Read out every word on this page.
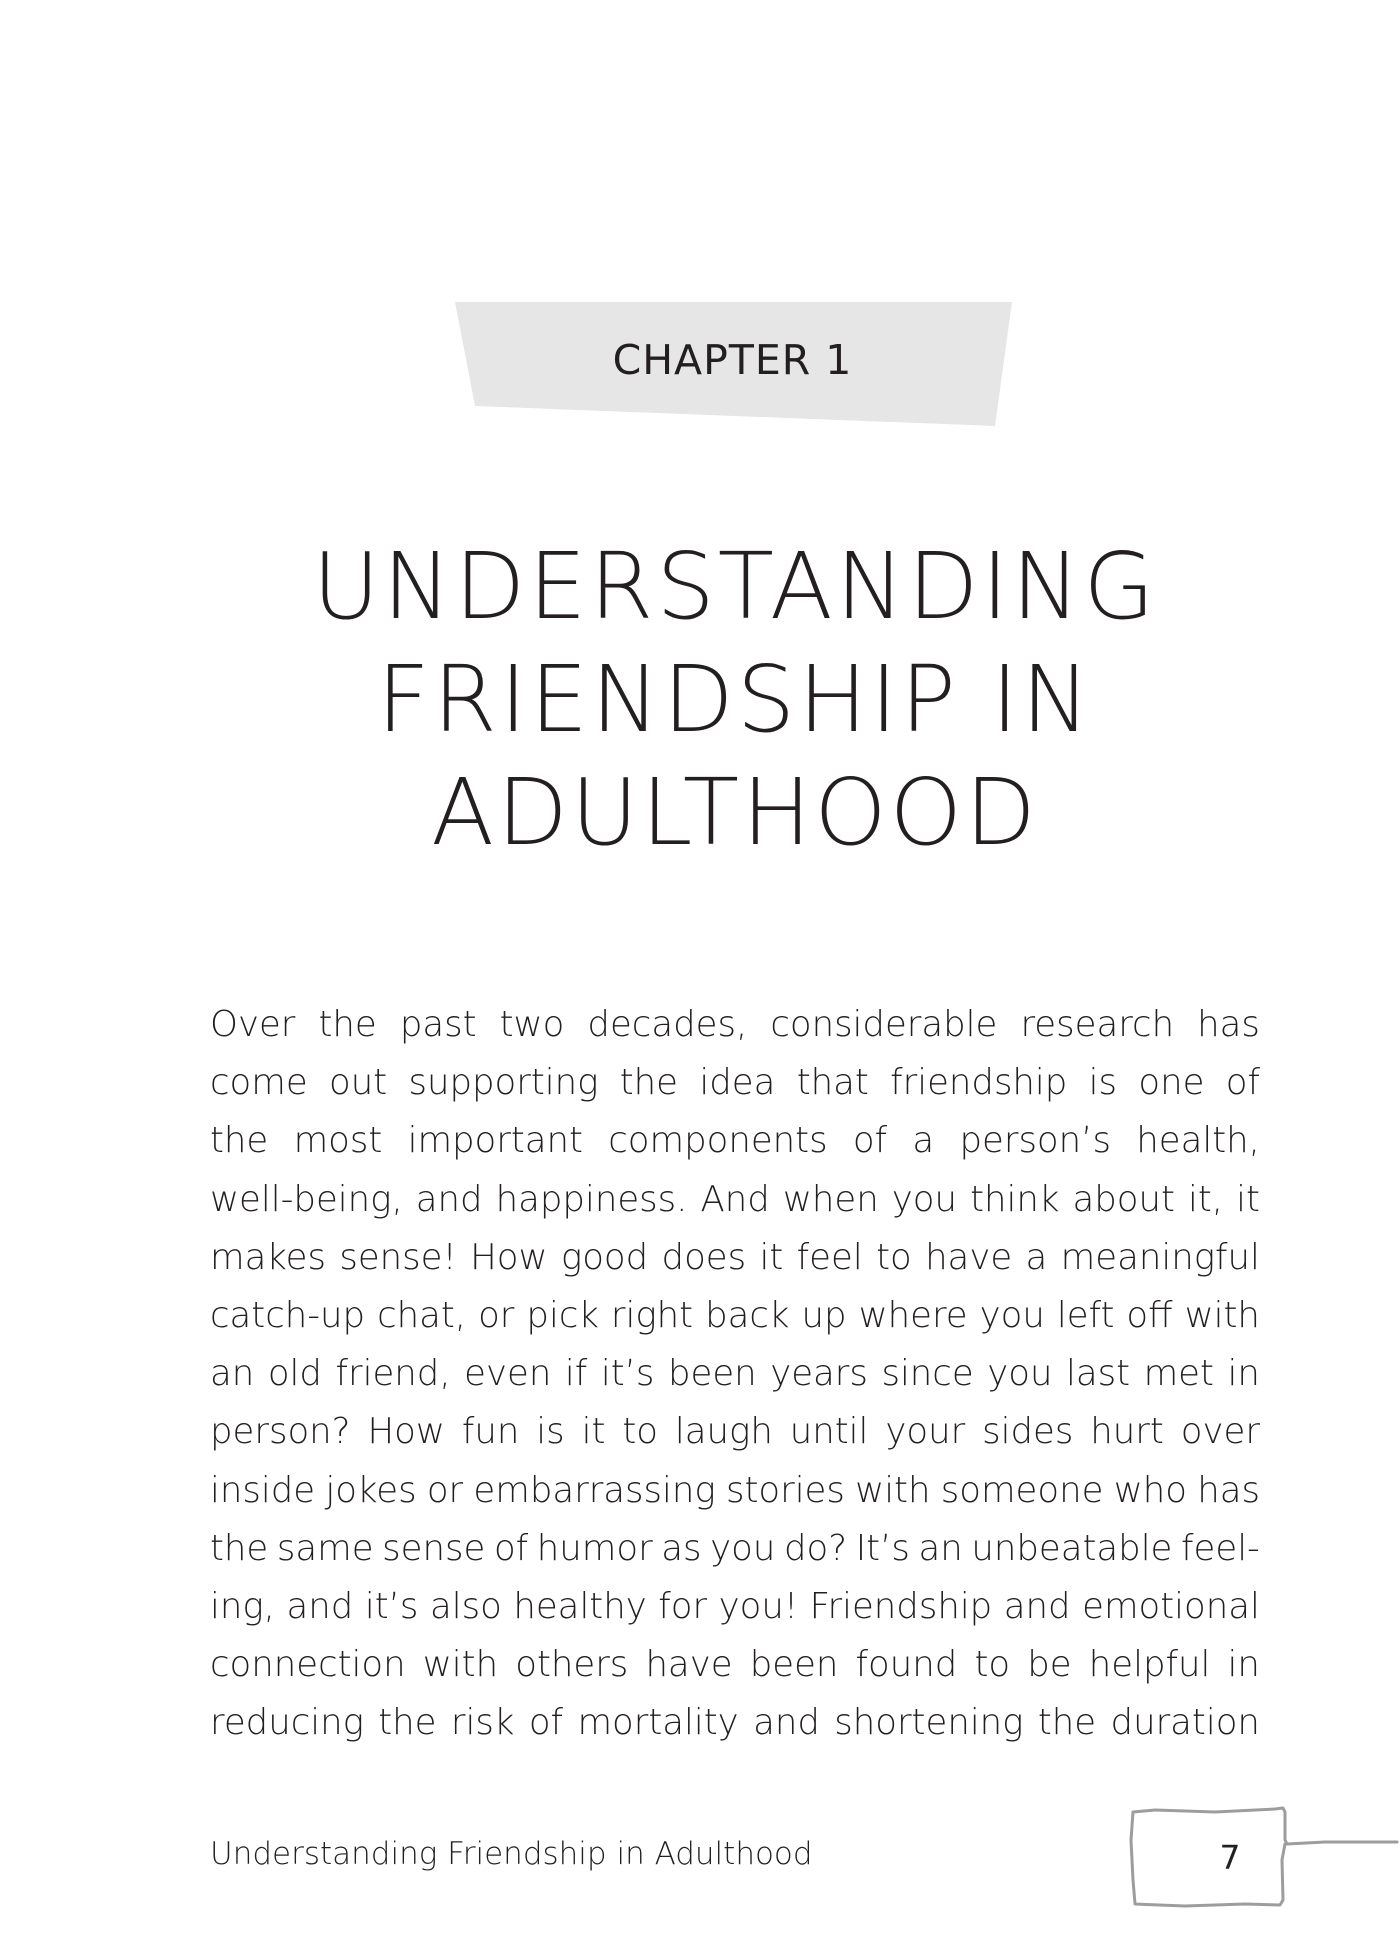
CHAPTER 1
UNDERSTANDING
FRIENDSHIP IN
ADULTHOOD
Over the past two decades, considerable research has
come out supporting the idea that friendship is one of
the most important components of a person’s health,
well-being, and happiness. And when you think about it, it
makes sense! How good does it feel to have a meaningful
catch-up chat, or pick right back up where you left off with
an old friend, even if it’s been years since you last met in
person? How fun is it to laugh until your sides hurt over
inside jokes or embarrassing stories with someone who has
the same sense of humor as you do? It’s an unbeatable feel-
ing, and it’s also healthy for you! Friendship and emotional
connection with others have been found to be helpful in
reducing the risk of mortality and shortening the duration
Understanding Friendship in Adulthood	7
